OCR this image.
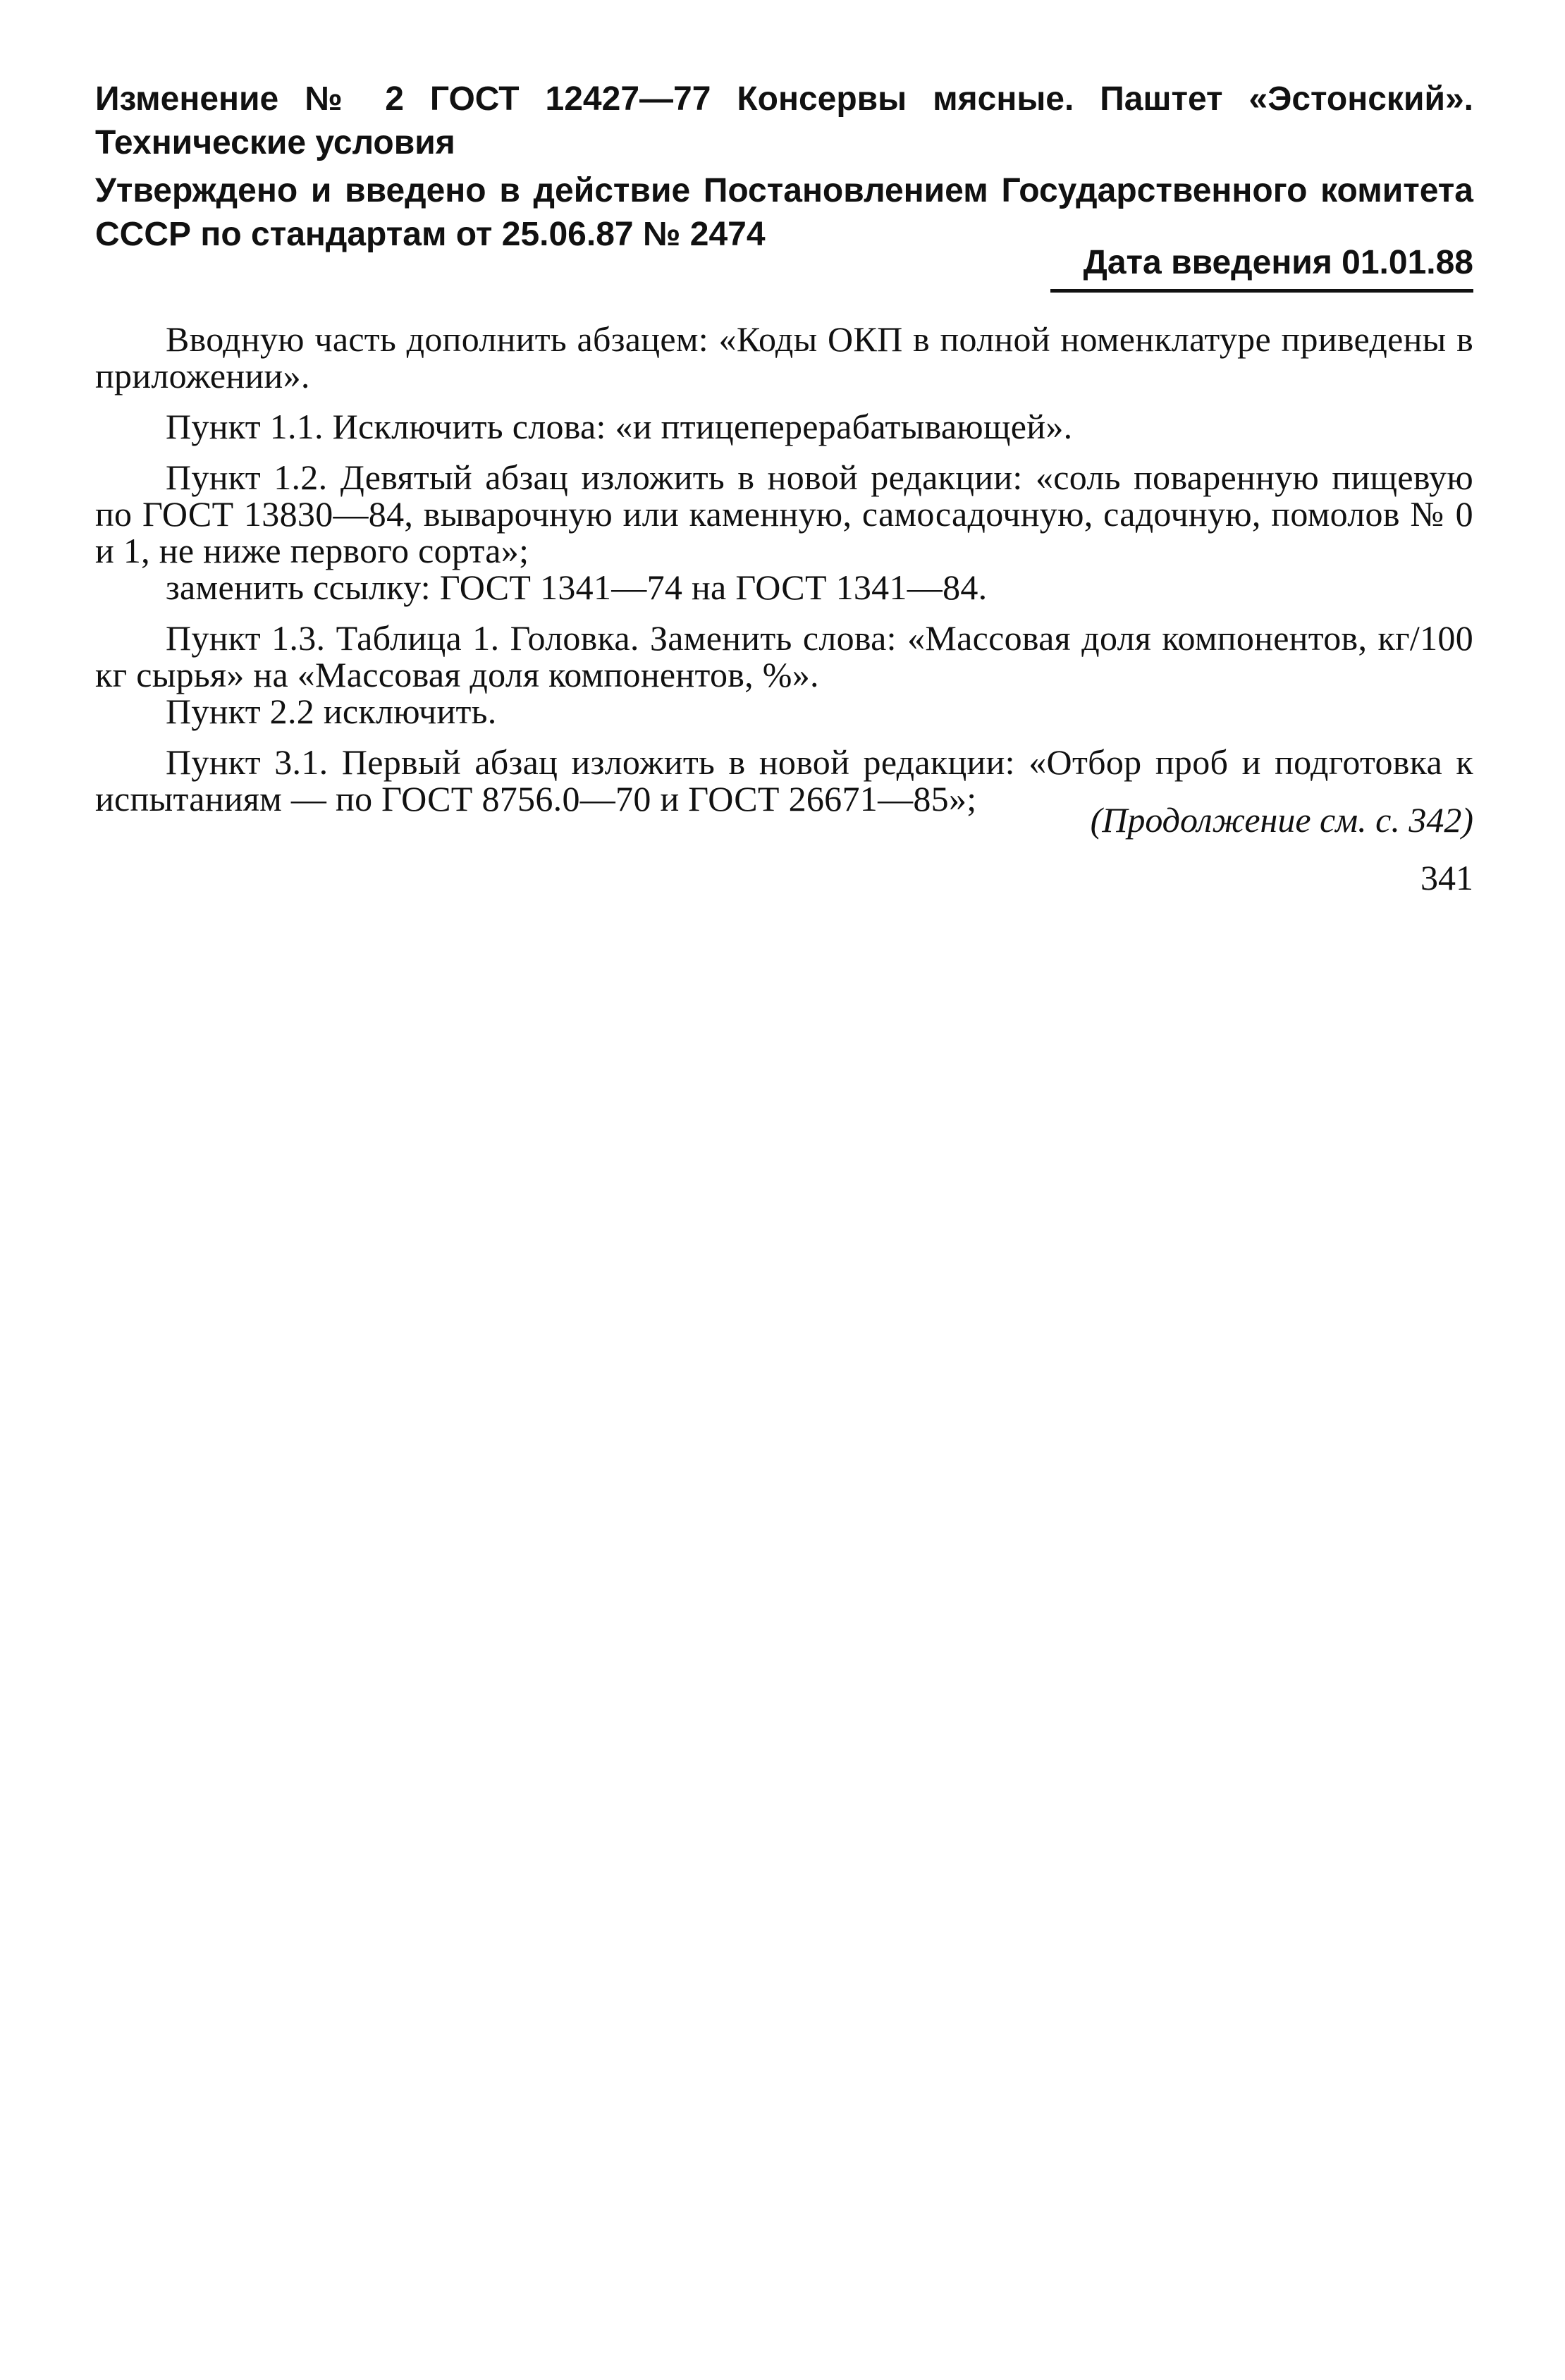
Изменение № 2 ГОСТ 12427—77 Консервы мясные. Паштет «Эстонский». Технические условия
Утверждено и введено в действие Постановлением Государственного комитета СССР по стандартам от 25.06.87 № 2474
Дата введения 01.01.88

Вводную часть дополнить абзацем: «Коды ОКП в полной номенклатуре приведены в приложении».

Пункт 1.1. Исключить слова: «и птицеперерабатывающей».

Пункт 1.2. Девятый абзац изложить в новой редакции: «соль поваренную пищевую по ГОСТ 13830—84, выварочную или каменную, самосадочную, садочную, помолов № 0 и 1, не ниже первого сорта»;

заменить ссылку: ГОСТ 1341—74 на ГОСТ 1341—84.

Пункт 1.3. Таблица 1. Головка. Заменить слова: «Массовая доля компонентов, кг/100 кг сырья» на «Массовая доля компонентов, %».

Пункт 2.2 исключить.

Пункт 3.1. Первый абзац изложить в новой редакции: «Отбор проб и подготовка к испытаниям — по ГОСТ 8756.0—70 и ГОСТ 26671—85»;

(Продолжение см. с. 342)
341
